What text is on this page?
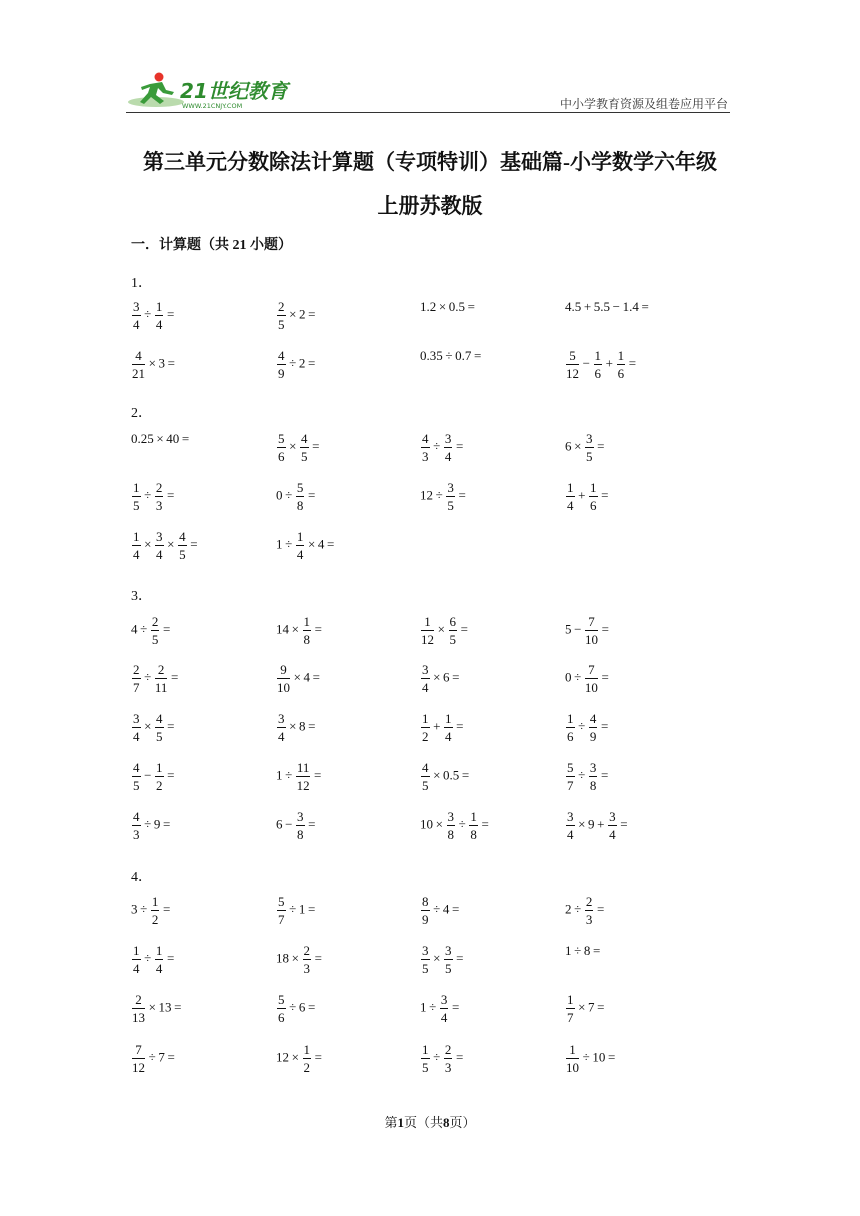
21世纪教育
WWW.21CNJY.COM	中小学教育资源及组卷应用平台
第三单元分数除法计算题（专项特训）基础篇-小学数学六年级
上册苏教版
一．计算题（共 21 小题）
1．
$\frac{3}{4} \div \frac{1}{4}$  = 	$\frac{2}{5} \times 2$ = 	1.2 × 0.5 = 	4.5 + 5.5 − 1.4 = 
$\frac{4}{21} \times 3$ = 	$\frac{4}{9} \div 2$ = 	0.35 ÷ 0.7 = 	$\frac{5}{12} - \frac{1}{6} + \frac{1}{6}$  = 
2．
0.25 × 40 = 	$\frac{5}{6} \times \frac{4}{5}$  = 	$\frac{4}{3} \div \frac{3}{4}$  = 	$6 \times \frac{3}{5}$  = 
$\frac{1}{5} \div \frac{2}{3}$  = 	$0 \div \frac{5}{8}$  = 	$12 \div \frac{3}{5}$  = 	$\frac{1}{4} + \frac{1}{6}$  = 
$\frac{1}{4} \times \frac{3}{4} \times \frac{4}{5}$  = 	$1 \div \frac{1}{4} \times 4$ = 
3．
$4 \div \frac{2}{5}$  = 	$14 \times \frac{1}{8}$  = 	$\frac{1}{12} \times \frac{6}{5}$  = 	$5 - \frac{7}{10}$  = 
$\frac{2}{7} \div \frac{2}{11}$  = 	$\frac{9}{10} \times 4$ = 	$\frac{3}{4} \times 6$ = 	$0 \div \frac{7}{10}$  = 
$\frac{3}{4} \times \frac{4}{5}$  = 	$\frac{3}{4} \times 8$ = 	$\frac{1}{2} + \frac{1}{4}$  = 	$\frac{1}{6} \div \frac{4}{9}$  = 
$\frac{4}{5} - \frac{1}{2}$  = 	$1 \div \frac{11}{12}$  = 	$\frac{4}{5} \times 0.5$ = 	$\frac{5}{7} \div \frac{3}{8}$  = 
$\frac{4}{3} \div 9$ = 	$6 - \frac{3}{8}$  = 	$10 \times \frac{3}{8} \div \frac{1}{8}$  = 	$\frac{3}{4} \times 9 + \frac{3}{4}$  = 
4．
$3 \div \frac{1}{2}$  = 	$\frac{5}{7} \div 1$ = 	$\frac{8}{9} \div 4$ = 	$2 \div \frac{2}{3}$  = 
$\frac{1}{4} \div \frac{1}{4}$  = 	$18 \times \frac{2}{3}$  = 	$\frac{3}{5} \times \frac{3}{5}$  = 	1 ÷ 8 = 
$\frac{2}{13} \times 13$ = 	$\frac{5}{6} \div 6$ = 	$1 \div \frac{3}{4}$  = 	$\frac{1}{7} \times 7$ = 
$\frac{7}{12} \div 7$ = 	$12 \times \frac{1}{2}$  = 	$\frac{1}{5} \div \frac{2}{3}$  = 	$\frac{1}{10} \div 10$ = 
第1页（共8页）
